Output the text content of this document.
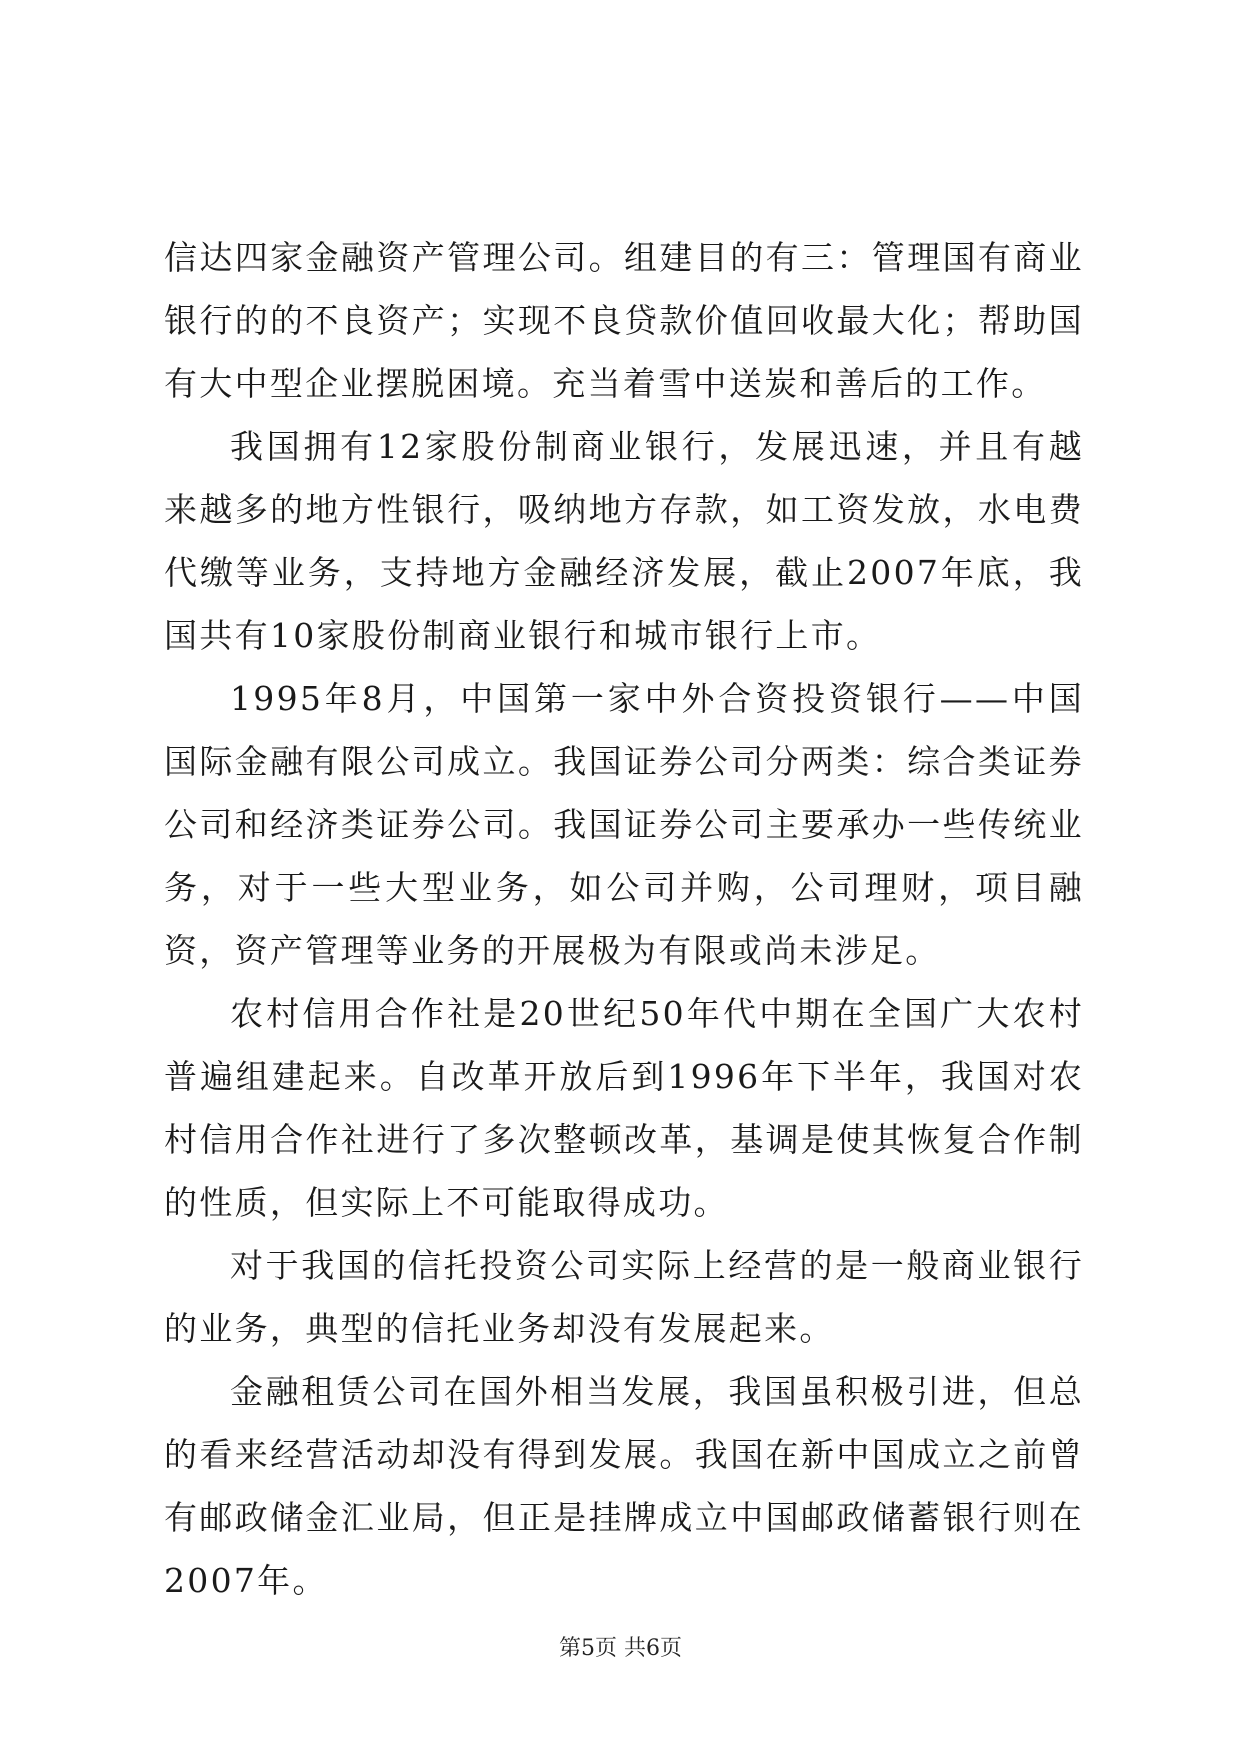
信达四家金融资产管理公司。组建目的有三：管理国有商业银行的的不良资产；实现不良贷款价值回收最大化；帮助国有大中型企业摆脱困境。充当着雪中送炭和善后的工作。

我国拥有12家股份制商业银行，发展迅速，并且有越来越多的地方性银行，吸纳地方存款，如工资发放，水电费代缴等业务，支持地方金融经济发展，截止2007年底，我国共有10家股份制商业银行和城市银行上市。

1995年8月，中国第一家中外合资投资银行——中国国际金融有限公司成立。我国证券公司分两类：综合类证券公司和经济类证券公司。我国证券公司主要承办一些传统业务，对于一些大型业务，如公司并购，公司理财，项目融资，资产管理等业务的开展极为有限或尚未涉足。

农村信用合作社是20世纪50年代中期在全国广大农村普遍组建起来。自改革开放后到1996年下半年，我国对农村信用合作社进行了多次整顿改革，基调是使其恢复合作制的性质，但实际上不可能取得成功。

对于我国的信托投资公司实际上经营的是一般商业银行的业务，典型的信托业务却没有发展起来。

金融租赁公司在国外相当发展，我国虽积极引进，但总的看来经营活动却没有得到发展。我国在新中国成立之前曾有邮政储金汇业局，但正是挂牌成立中国邮政储蓄银行则在2007年。

第5页 共6页
